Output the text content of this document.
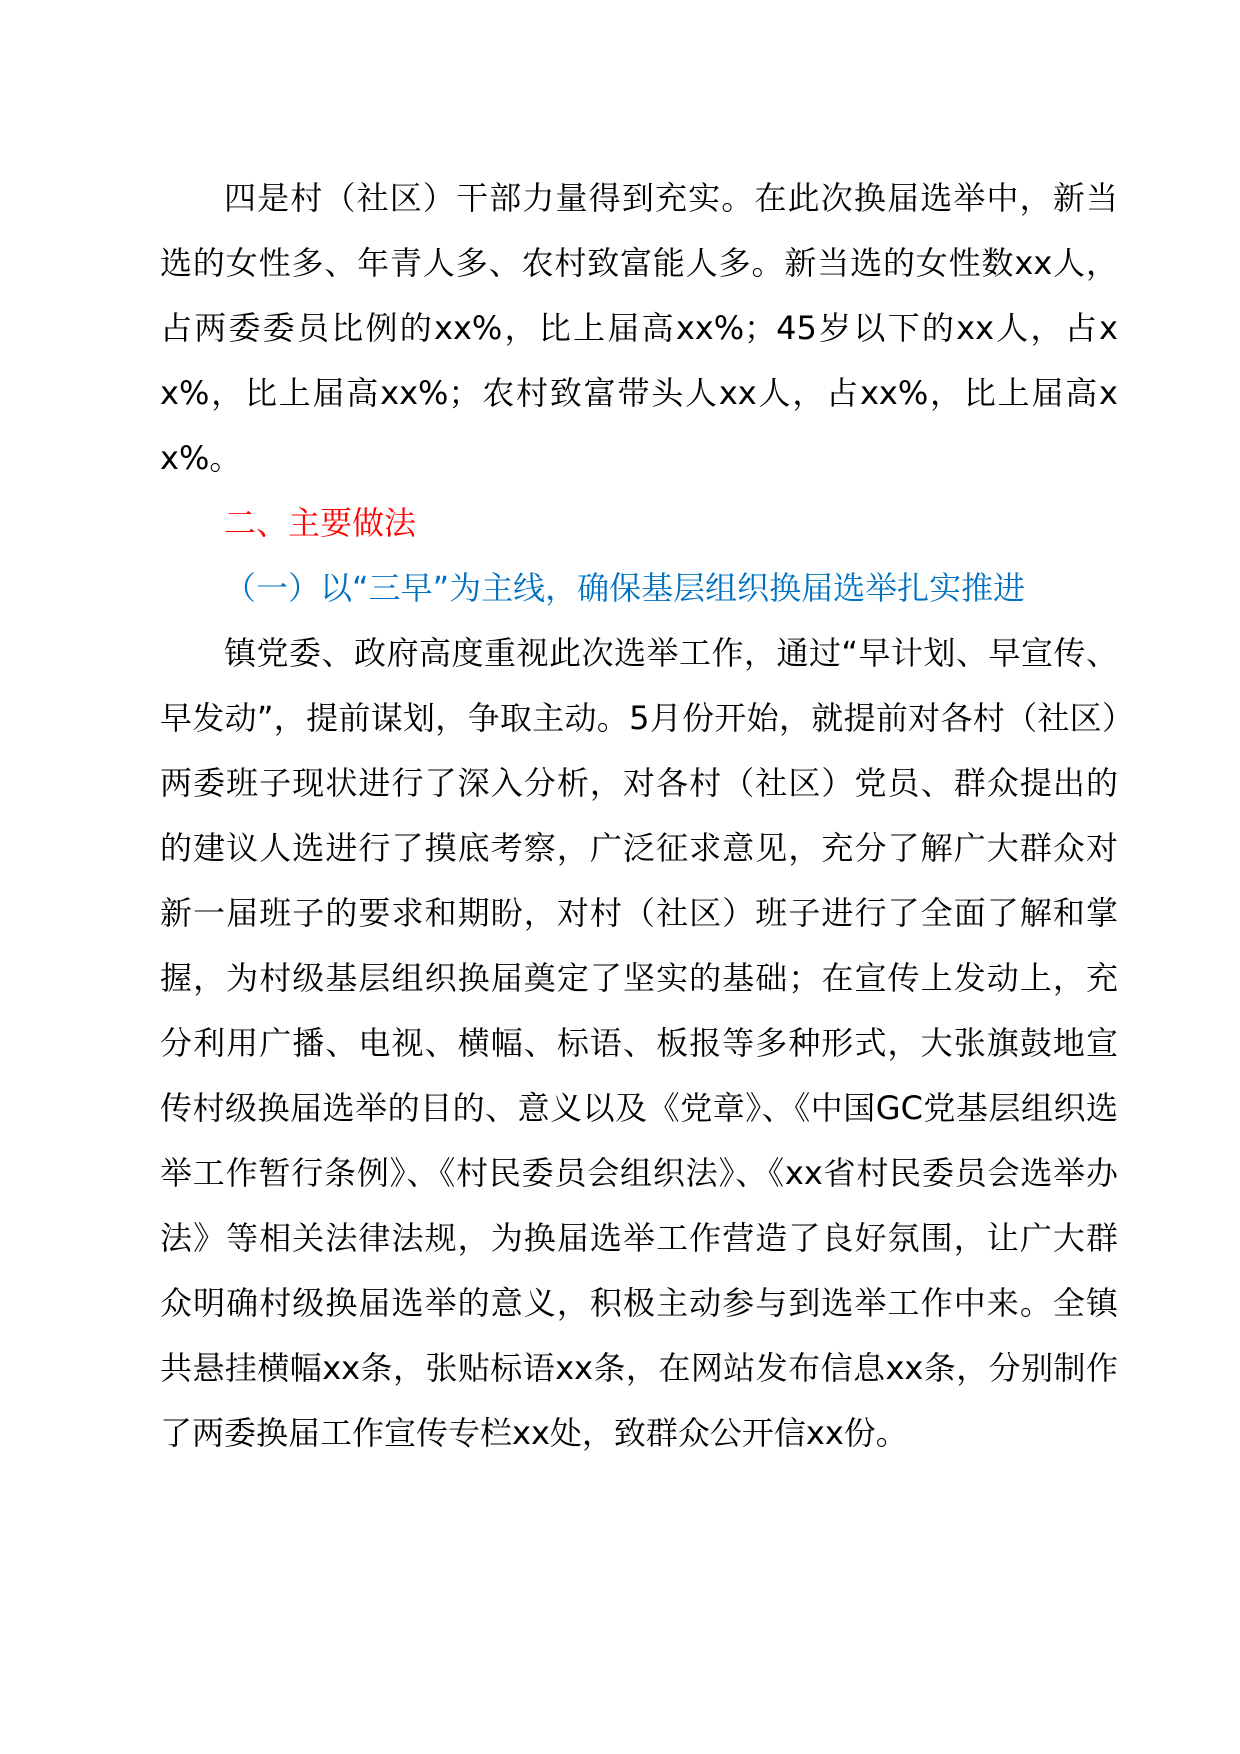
四是村（社区）干部力量得到充实。在此次换届选举中，新当选的女性多、年青人多、农村致富能人多。新当选的女性数xx人，占两委委员比例的xx%，比上届高xx%；45岁以下的xx人，占xx%，比上届高xx%；农村致富带头人xx人，占xx%，比上届高xx%。

二、主要做法

（一）以“三早”为主线，确保基层组织换届选举扎实推进

镇党委、政府高度重视此次选举工作，通过“早计划、早宣传、早发动”，提前谋划，争取主动。5月份开始，就提前对各村（社区）两委班子现状进行了深入分析，对各村（社区）党员、群众提出的的建议人选进行了摸底考察，广泛征求意见，充分了解广大群众对新一届班子的要求和期盼，对村（社区）班子进行了全面了解和掌握，为村级基层组织换届奠定了坚实的基础；在宣传上发动上，充分利用广播、电视、横幅、标语、板报等多种形式，大张旗鼓地宣传村级换届选举的目的、意义以及《党章》、《中国GC党基层组织选举工作暂行条例》、《村民委员会组织法》、《xx省村民委员会选举办法》等相关法律法规，为换届选举工作营造了良好氛围，让广大群众明确村级换届选举的意义，积极主动参与到选举工作中来。全镇共悬挂横幅xx条，张贴标语xx条，在网站发布信息xx条，分别制作了两委换届工作宣传专栏xx处，致群众公开信xx份。
